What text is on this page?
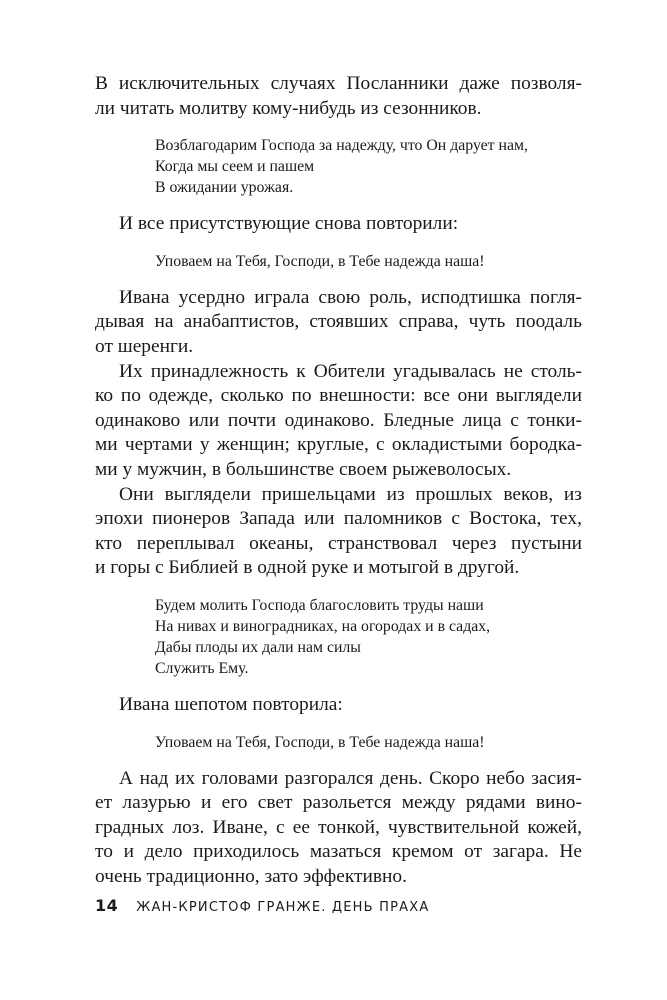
В исключительных случаях Посланники даже позволя-
ли читать молитву кому-нибудь из сезонников.
Возблагодарим Господа за надежду, что Он дарует нам,
Когда мы сеем и пашем
В ожидании урожая.
И все присутствующие снова повторили:
Уповаем на Тебя, Господи, в Тебе надежда наша!
Ивана усердно играла свою роль, исподтишка погля-
дывая на анабаптистов, стоявших справа, чуть поодаль
от шеренги.
Их принадлежность к Обители угадывалась не столь-
ко по одежде, сколько по внешности: все они выглядели
одинаково или почти одинаково. Бледные лица с тонки-
ми чертами у женщин; круглые, с окладистыми бородка-
ми у мужчин, в большинстве своем рыжеволосых.
Они выглядели пришельцами из прошлых веков, из
эпохи пионеров Запада или паломников с Востока, тех,
кто переплывал океаны, странствовал через пустыни
и горы с Библией в одной руке и мотыгой в другой.
Будем молить Господа благословить труды наши
На нивах и виноградниках, на огородах и в садах,
Дабы плоды их дали нам силы
Служить Ему.
Ивана шепотом повторила:
Уповаем на Тебя, Господи, в Тебе надежда наша!
А над их головами разгорался день. Скоро небо засия-
ет лазурью и его свет разольется между рядами вино-
градных лоз. Иване, с ее тонкой, чувствительной кожей,
то и дело приходилось мазаться кремом от загара. Не
очень традиционно, зато эффективно.
14 ЖАН-КРИСТОФ ГРАНЖЕ. ДЕНЬ ПРАХА
